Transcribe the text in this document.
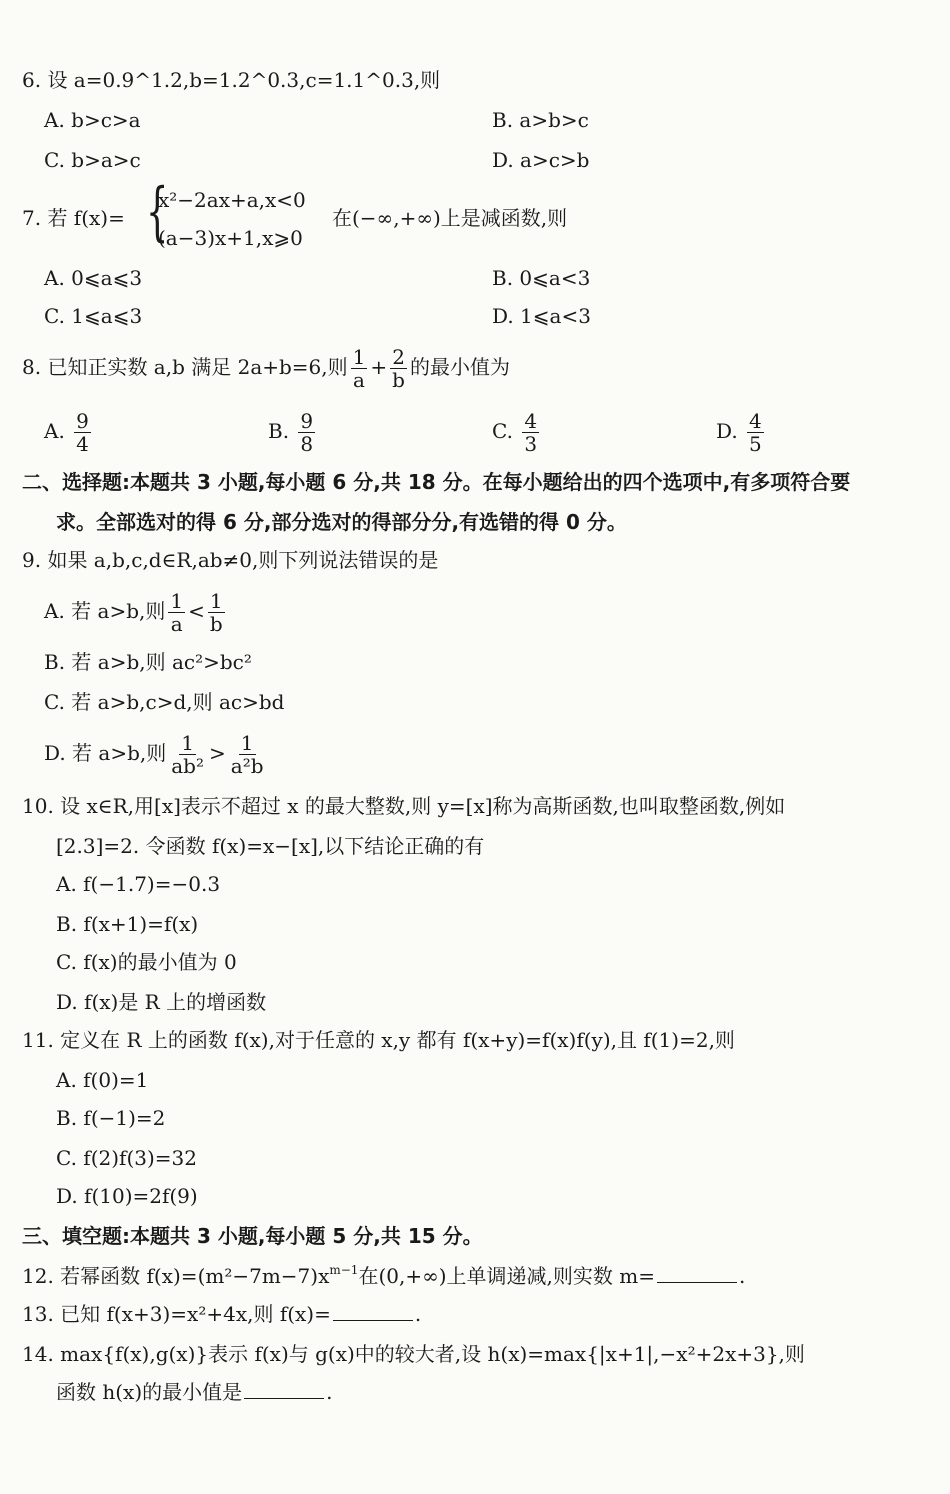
6. 设 a=0.9^1.2,b=1.2^0.3,c=1.1^0.3,则
A. b>c>a	B. a>b>c
C. b>a>c	D. a>c>b
7. 若 f(x)= {
x²−2ax+a,x<0
(a−3)x+1,x⩾0
在(−∞,+∞)上是减函数,则
A. 0⩽a⩽3	B. 0⩽a<3
C. 1⩽a⩽3	D. 1⩽a<3
8. 已知正实数 a,b 满足 2a+b=6,则 $\frac{1}{a} + \frac{2}{b}$ 的最小值为
A. $\frac{9}{4}$	B. $\frac{9}{8}$	C. $\frac{4}{3}$	D. $\frac{4}{5}$
二、选择题:本题共 3 小题,每小题 6 分,共 18 分。在每小题给出的四个选项中,有多项符合要
求。全部选对的得 6 分,部分选对的得部分分,有选错的得 0 分。
9. 如果 a,b,c,d∈R,ab≠0,则下列说法错误的是
A. 若 a>b,则 $\frac{1}{a} < \frac{1}{b}$
B. 若 a>b,则 ac²>bc²
C. 若 a>b,c>d,则 ac>bd
D. 若 a>b,则 $\frac{1}{\text{ab²}} > \frac{1}{\text{a²b}}$
10. 设 x∈R,用[x]表示不超过 x 的最大整数,则 y=[x]称为高斯函数,也叫取整函数,例如
[2.3]=2. 令函数 f(x)=x−[x],以下结论正确的有
A. f(−1.7)=−0.3
B. f(x+1)=f(x)
C. f(x)的最小值为 0
D. f(x)是 R 上的增函数
11. 定义在 R 上的函数 f(x),对于任意的 x,y 都有 f(x+y)=f(x)f(y),且 f(1)=2,则
A. f(0)=1
B. f(−1)=2
C. f(2)f(3)=32
D. f(10)=2f(9)
三、填空题:本题共 3 小题,每小题 5 分,共 15 分。
12. 若幂函数 $f(x)=(m^2-7m-7)x^{m-1}$在(0,+∞)上单调递减,则实数 m=	.
13. 已知 f(x+3)=x²+4x,则 f(x)=	.
14. max{f(x),g(x)}表示 f(x)与 g(x)中的较大者,设 h(x)=max{|x+1|,−x²+2x+3},则
函数 h(x)的最小值是	.
